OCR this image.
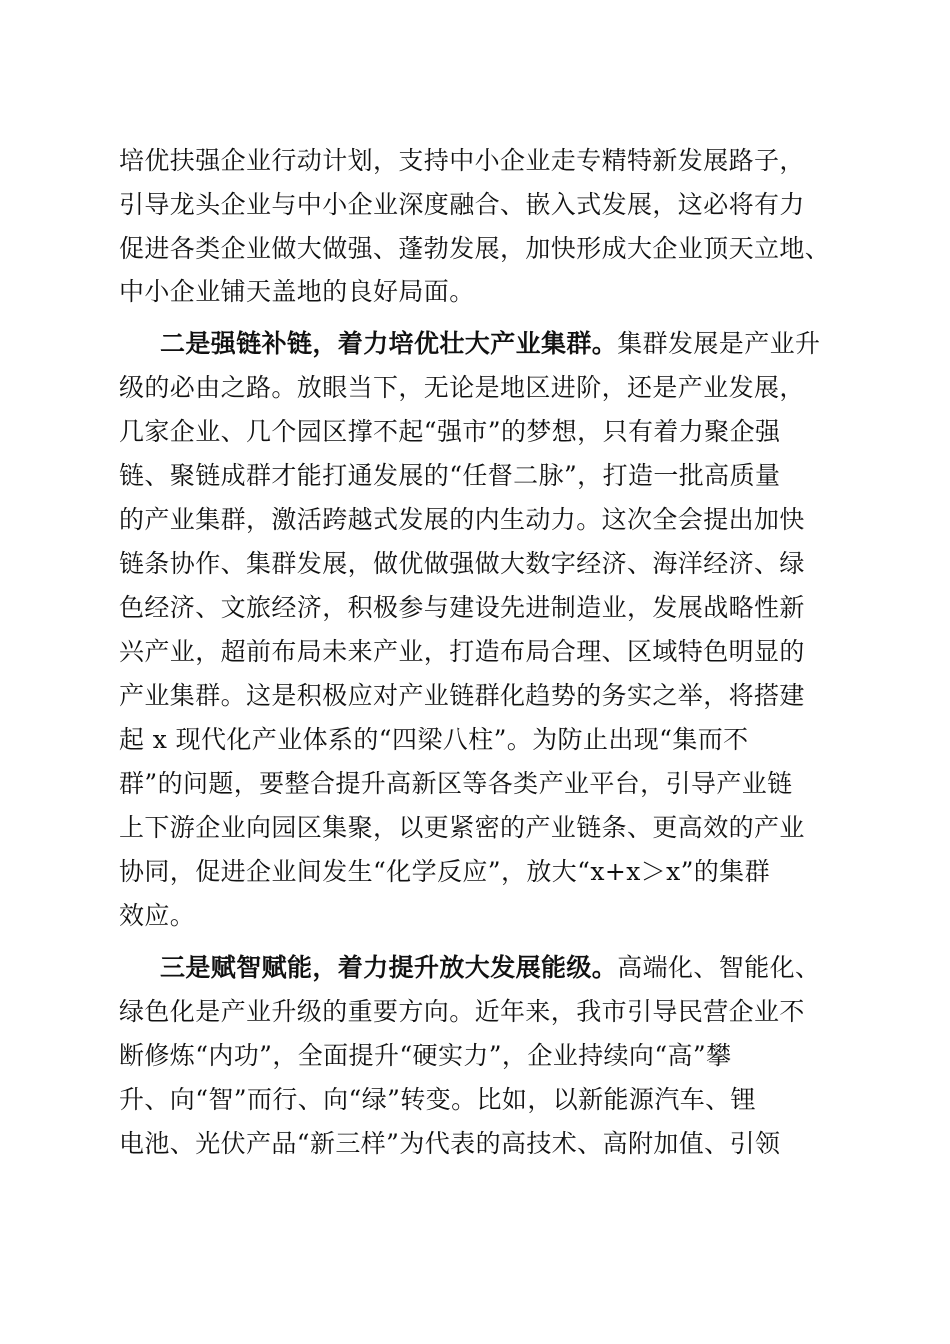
培优扶强企业行动计划，支持中小企业走专精特新发展路子，
引导龙头企业与中小企业深度融合、嵌入式发展，这必将有力
促进各类企业做大做强、蓬勃发展，加快形成大企业顶天立地、
中小企业铺天盖地的良好局面。
二是强链补链，着力培优壮大产业集群。集群发展是产业升
级的必由之路。放眼当下，无论是地区进阶，还是产业发展，
几家企业、几个园区撑不起“强市”的梦想，只有着力聚企强
链、聚链成群才能打通发展的“任督二脉”，打造一批高质量
的产业集群，激活跨越式发展的内生动力。这次全会提出加快
链条协作、集群发展，做优做强做大数字经济、海洋经济、绿
色经济、文旅经济，积极参与建设先进制造业，发展战略性新
兴产业，超前布局未来产业，打造布局合理、区域特色明显的
产业集群。这是积极应对产业链群化趋势的务实之举，将搭建
起 x 现代化产业体系的“四梁八柱”。为防止出现“集而不
群”的问题，要整合提升高新区等各类产业平台，引导产业链
上下游企业向园区集聚，以更紧密的产业链条、更高效的产业
协同，促进企业间发生“化学反应”，放大“x+x＞x”的集群
效应。
三是赋智赋能，着力提升放大发展能级。高端化、智能化、
绿色化是产业升级的重要方向。近年来，我市引导民营企业不
断修炼“内功”，全面提升“硬实力”，企业持续向“高”攀
升、向“智”而行、向“绿”转变。比如，以新能源汽车、锂
电池、光伏产品“新三样”为代表的高技术、高附加值、引领
